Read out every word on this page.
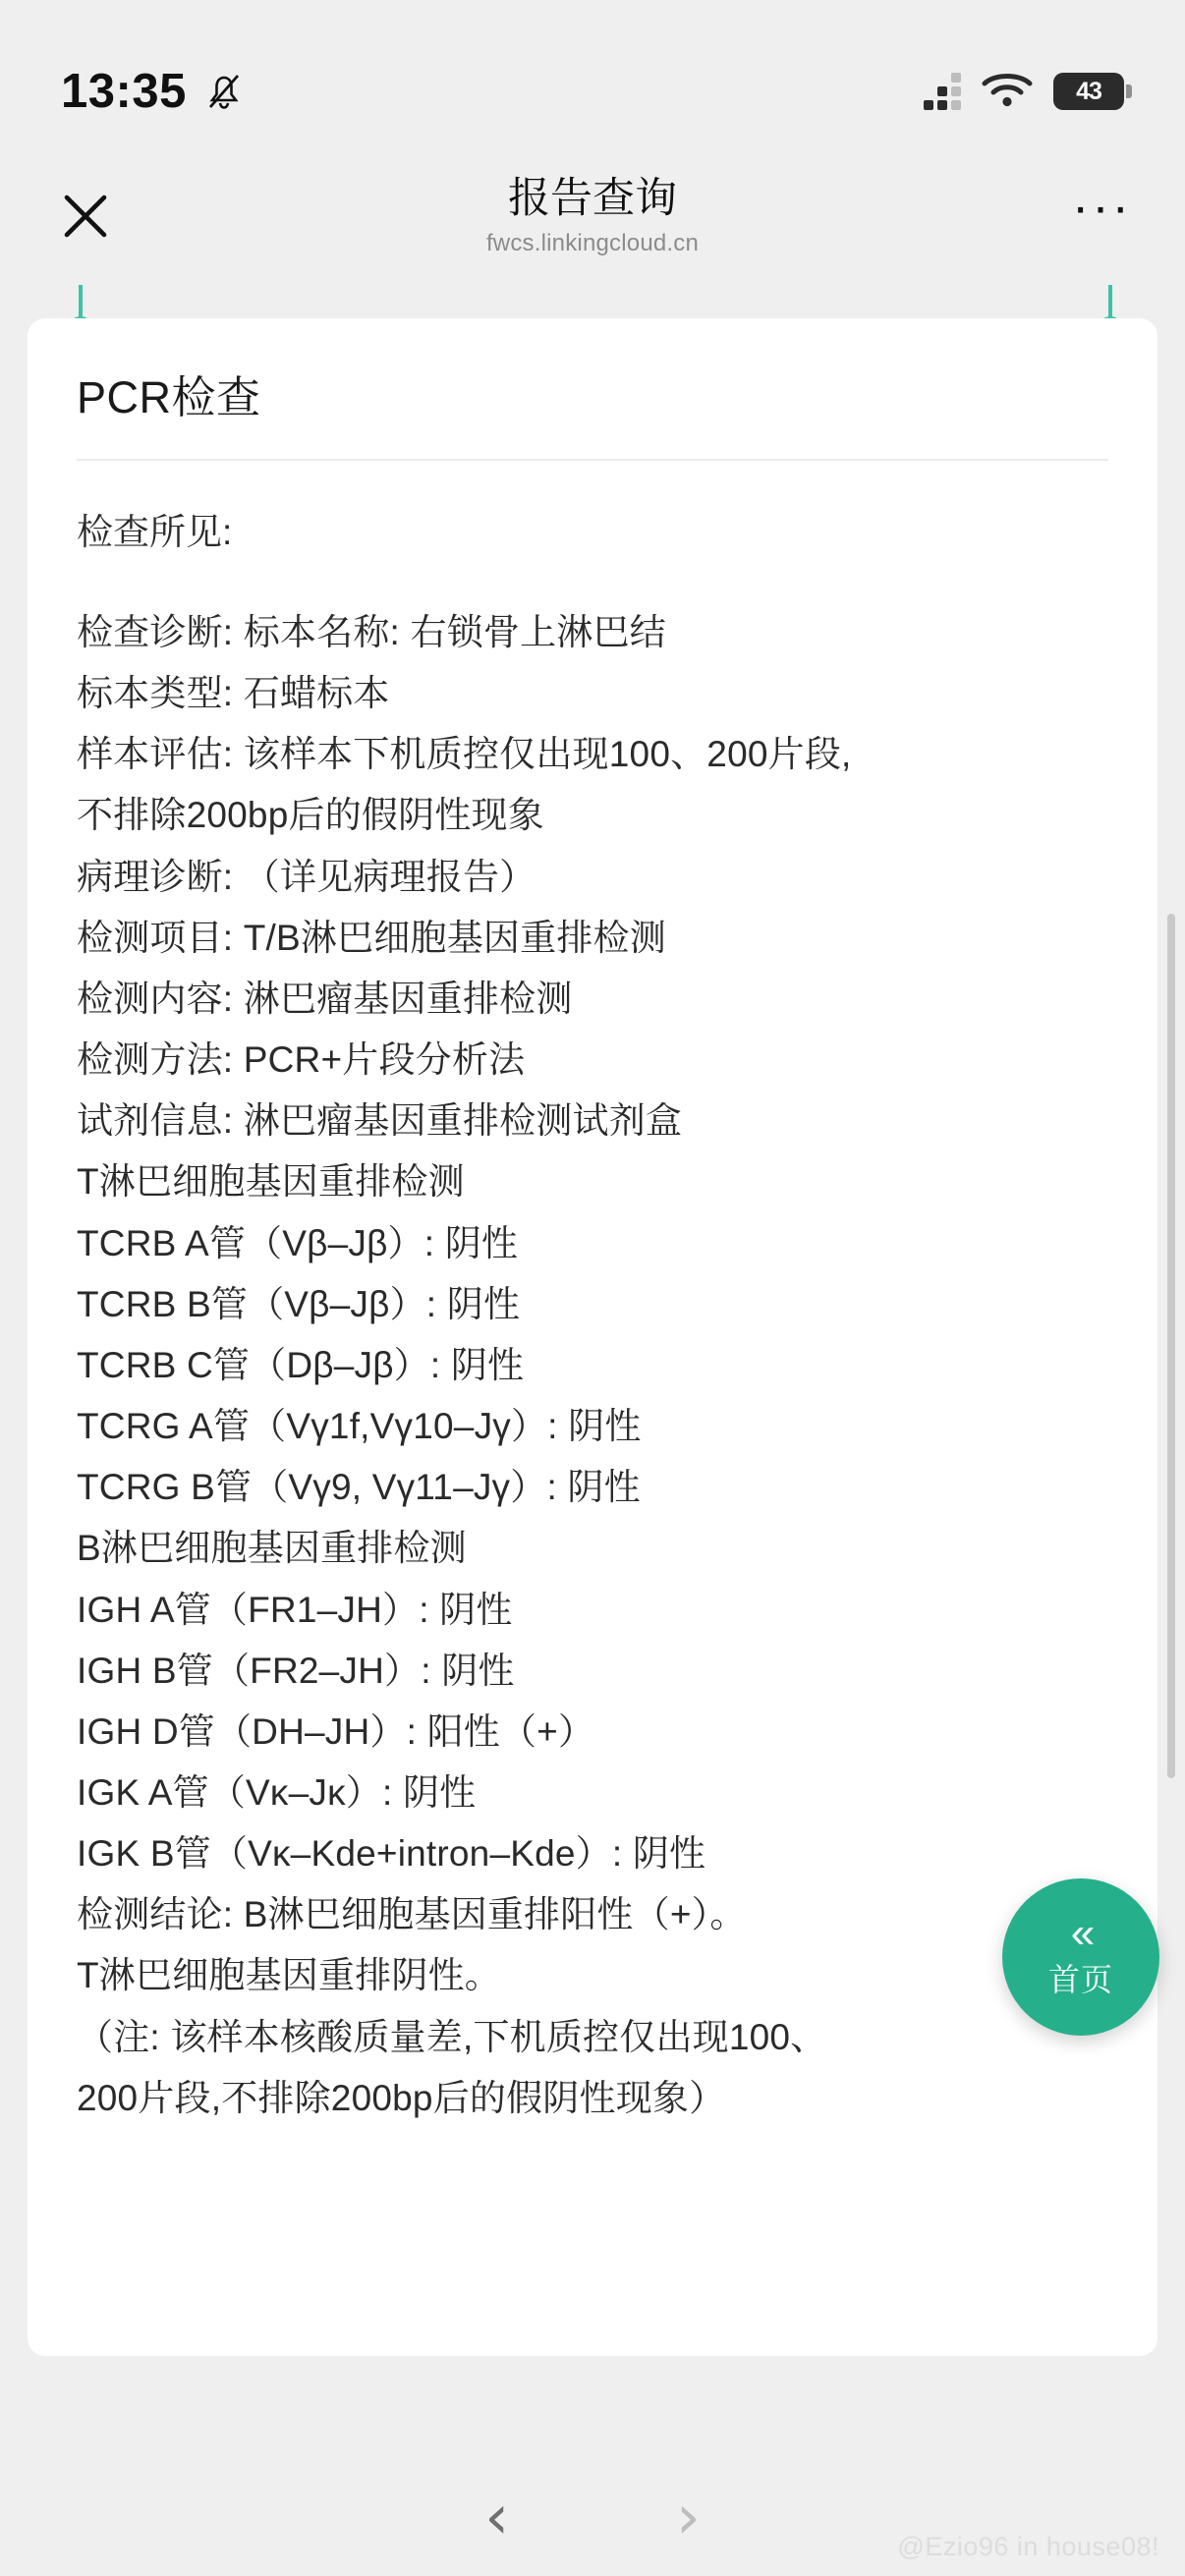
13:35	43
报告查询
fwcs.linkingcloud.cn
···
PCR检查
检查所见:

检查诊断: 标本名称: 右锁骨上淋巴结

标本类型: 石蜡标本

样本评估: 该样本下机质控仅出现100、200片段,

不排除200bp后的假阴性现象

病理诊断: （详见病理报告）

检测项目: T/B淋巴细胞基因重排检测

检测内容: 淋巴瘤基因重排检测

检测方法: PCR+片段分析法

试剂信息: 淋巴瘤基因重排检测试剂盒

T淋巴细胞基因重排检测

TCRB A管（Vβ–Jβ）: 阴性

TCRB B管（Vβ–Jβ）: 阴性

TCRB C管（Dβ–Jβ）: 阴性

TCRG A管（Vγ1f,Vγ10–Jγ）: 阴性

TCRG B管（Vγ9, Vγ11–Jγ）: 阴性

B淋巴细胞基因重排检测

IGH A管（FR1–JH）: 阴性

IGH B管（FR2–JH）: 阴性

IGH D管（DH–JH）: 阳性（+）

IGK A管（Vκ–Jκ）: 阴性

IGK B管（Vκ–Kde+intron–Kde）: 阴性

检测结论: B淋巴细胞基因重排阳性（+）。

T淋巴细胞基因重排阴性。

（注: 该样本核酸质量差,下机质控仅出现100、

200片段,不排除200bp后的假阴性现象）

«
首页
‹	›	@Ezio96 in house08!
